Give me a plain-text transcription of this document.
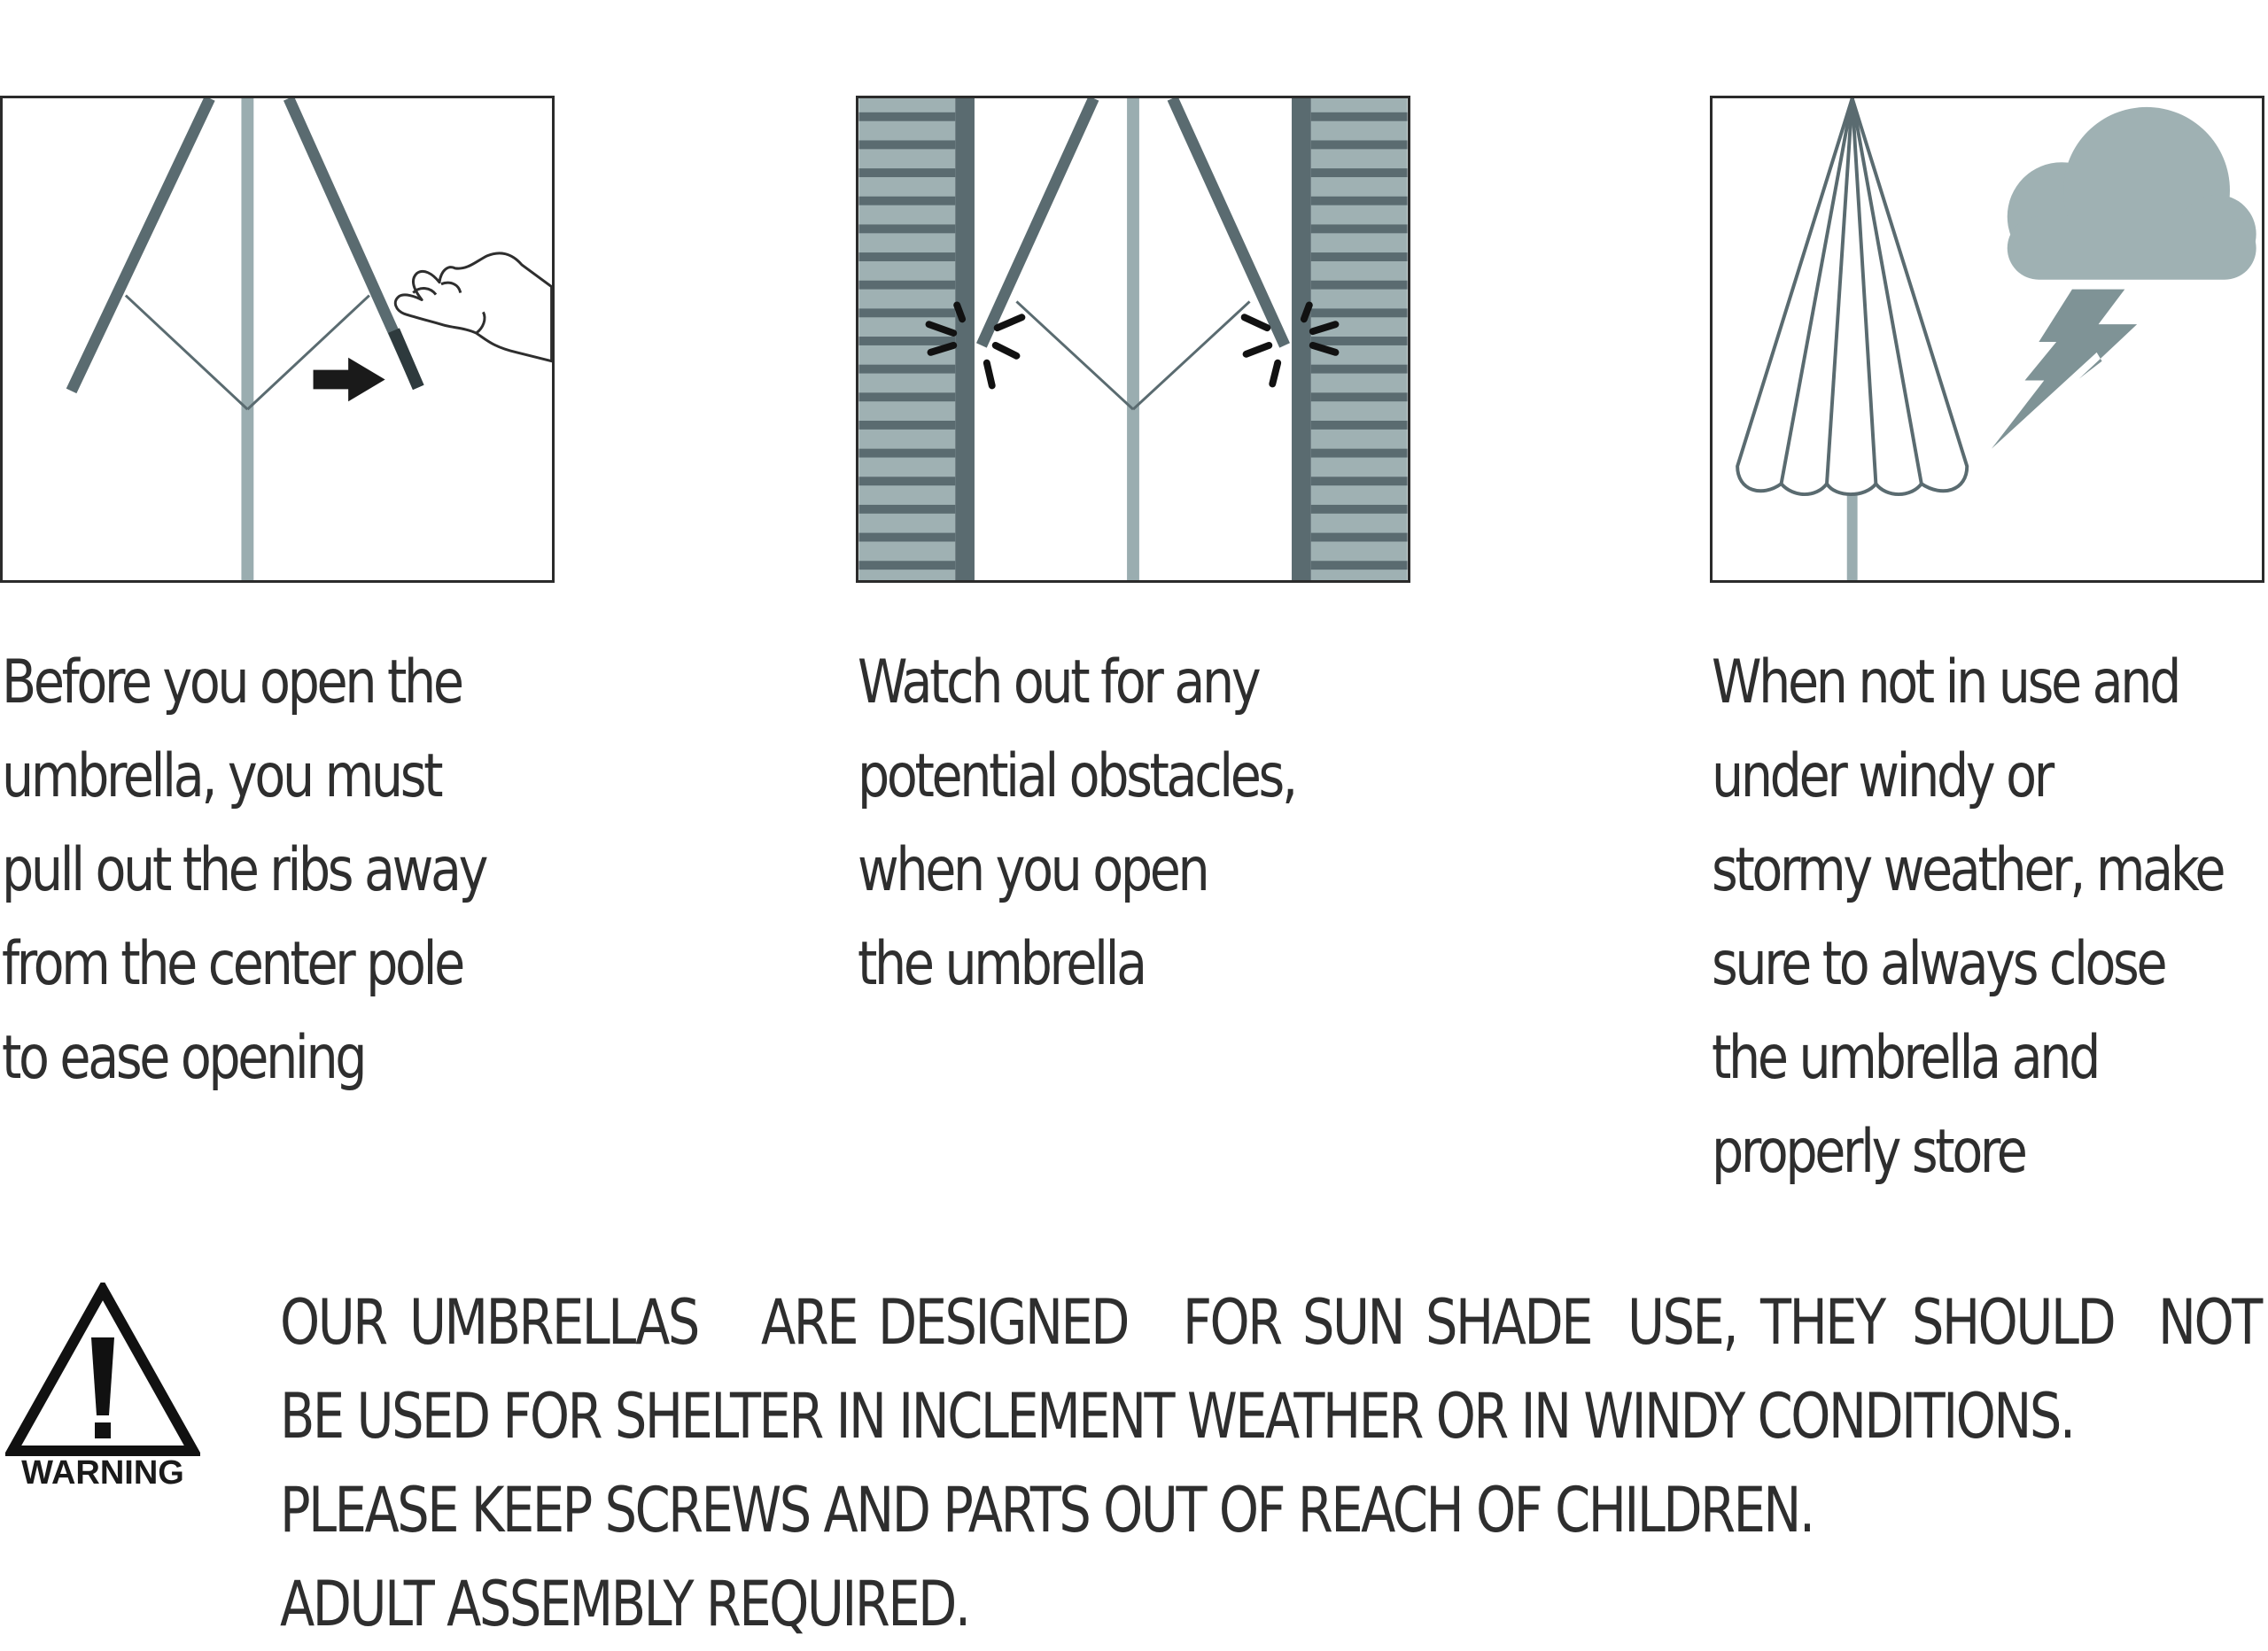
Before you open the
umbrella, you must
pull out the ribs away
from the center pole
to ease opening

Watch out for any
potential obstacles,
when you open
the umbrella

When not in use and
under windy or
stormy weather, make
sure to always close
the umbrella and
properly store

WARNING
OUR UMBRELLAS ARE DESIGNED FOR SUN SHADE USE, THEY SHOULD NOT
BE USED FOR SHELTER IN INCLEMENT WEATHER OR IN WINDY CONDITIONS.
PLEASE KEEP SCREWS AND PARTS OUT OF REACH OF CHILDREN.
ADULT ASSEMBLY REQUIRED.
